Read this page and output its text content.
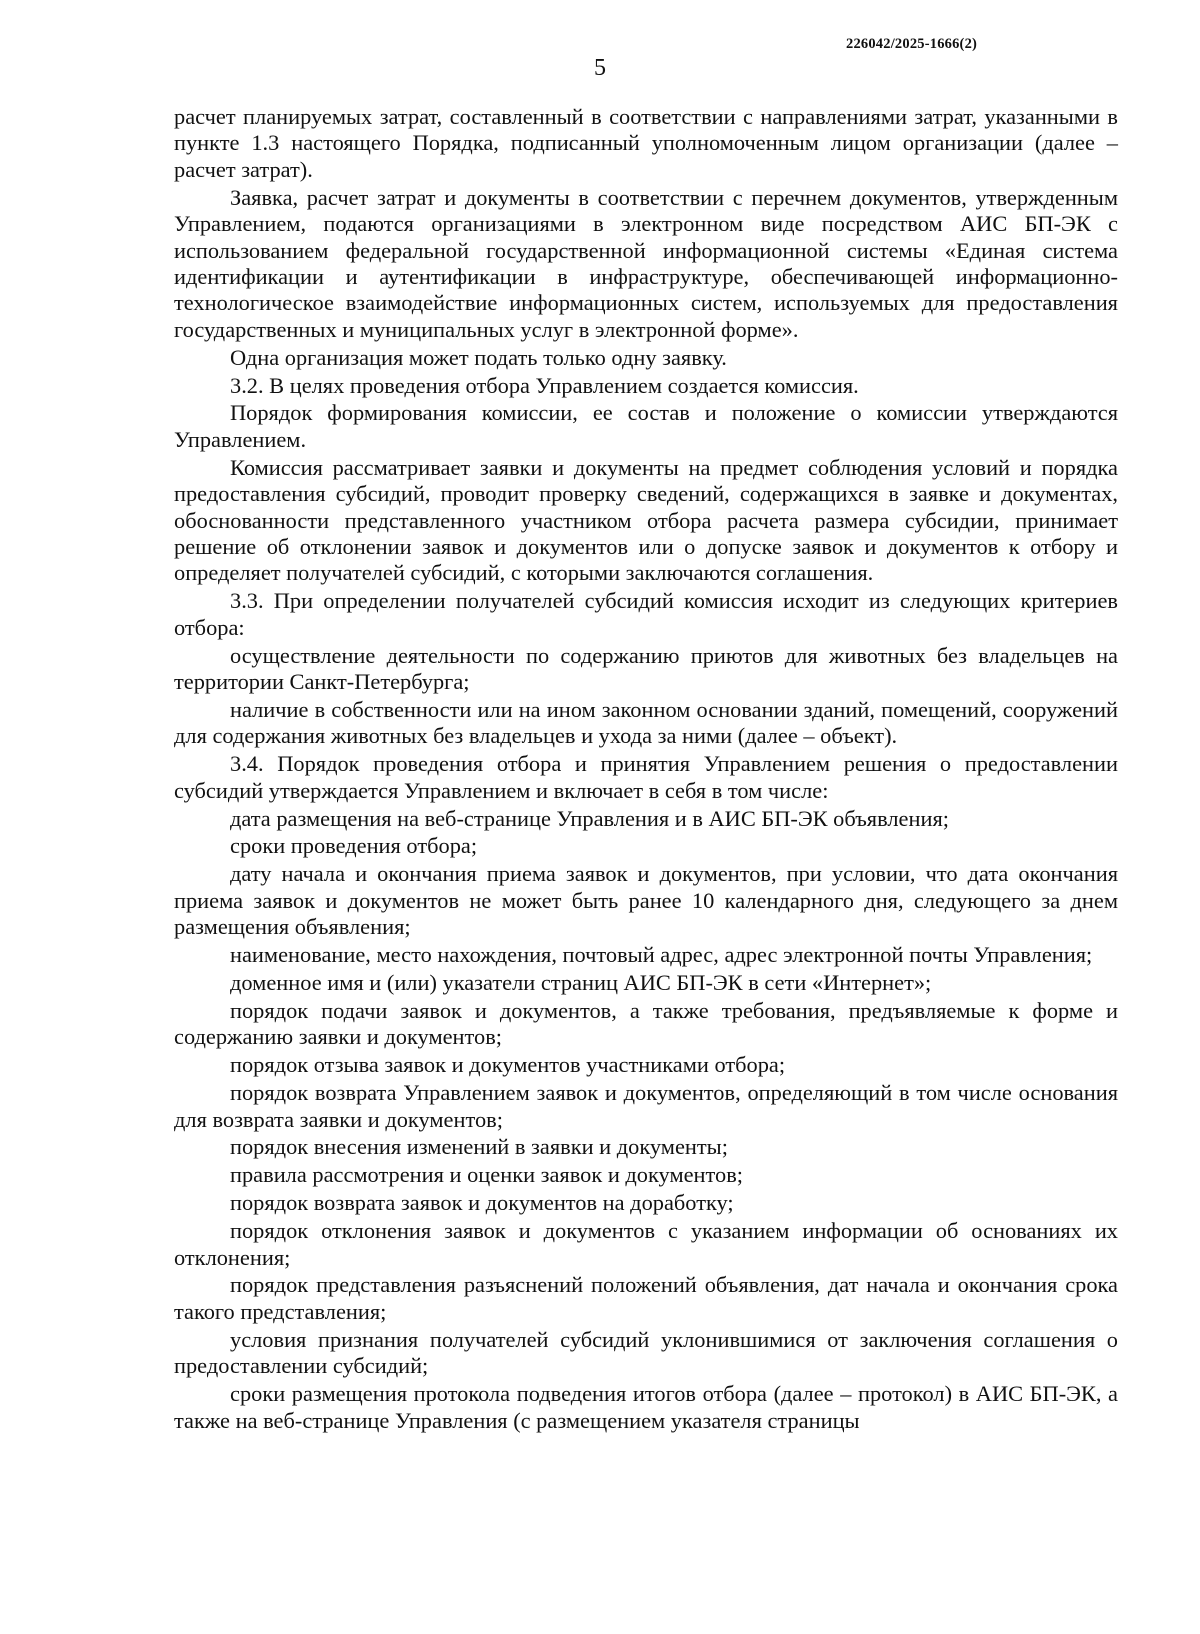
226042/2025-1666(2)
5

расчет планируемых затрат, составленный в соответствии с направлениями затрат, указанными в пункте 1.3 настоящего Порядка, подписанный уполномоченным лицом организации (далее – расчет затрат).

Заявка, расчет затрат и документы в соответствии с перечнем документов, утвержденным Управлением, подаются организациями в электронном виде посредством АИС БП-ЭК с использованием федеральной государственной информационной системы «Единая система идентификации и аутентификации в инфраструктуре, обеспечивающей информационно-технологическое взаимодействие информационных систем, используемых для предоставления государственных и муниципальных услуг в электронной форме».

Одна организация может подать только одну заявку.

3.2. В целях проведения отбора Управлением создается комиссия.

Порядок формирования комиссии, ее состав и положение о комиссии утверждаются Управлением.

Комиссия рассматривает заявки и документы на предмет соблюдения условий и порядка предоставления субсидий, проводит проверку сведений, содержащихся в заявке и документах, обоснованности представленного участником отбора расчета размера субсидии, принимает решение об отклонении заявок и документов или о допуске заявок и документов к отбору и определяет получателей субсидий, с которыми заключаются соглашения.

3.3. При определении получателей субсидий комиссия исходит из следующих критериев отбора:

осуществление деятельности по содержанию приютов для животных без владельцев на территории Санкт-Петербурга;

наличие в собственности или на ином законном основании зданий, помещений, сооружений для содержания животных без владельцев и ухода за ними (далее – объект).

3.4. Порядок проведения отбора и принятия Управлением решения о предоставлении субсидий утверждается Управлением и включает в себя в том числе:

дата размещения на веб-странице Управления и в АИС БП-ЭК объявления;

сроки проведения отбора;

дату начала и окончания приема заявок и документов, при условии, что дата окончания приема заявок и документов не может быть ранее 10 календарного дня, следующего за днем размещения объявления;

наименование, место нахождения, почтовый адрес, адрес электронной почты Управления;

доменное имя и (или) указатели страниц АИС БП-ЭК в сети «Интернет»;

порядок подачи заявок и документов, а также требования, предъявляемые к форме и содержанию заявки и документов;

порядок отзыва заявок и документов участниками отбора;

порядок возврата Управлением заявок и документов, определяющий в том числе основания для возврата заявки и документов;

порядок внесения изменений в заявки и документы;

правила рассмотрения и оценки заявок и документов;

порядок возврата заявок и документов на доработку;

порядок отклонения заявок и документов с указанием информации об основаниях их отклонения;

порядок представления разъяснений положений объявления, дат начала и окончания срока такого представления;

условия признания получателей субсидий уклонившимися от заключения соглашения о предоставлении субсидий;

сроки размещения протокола подведения итогов отбора (далее – протокол) в АИС БП-ЭК, а также на веб-странице Управления (с размещением указателя страницы
